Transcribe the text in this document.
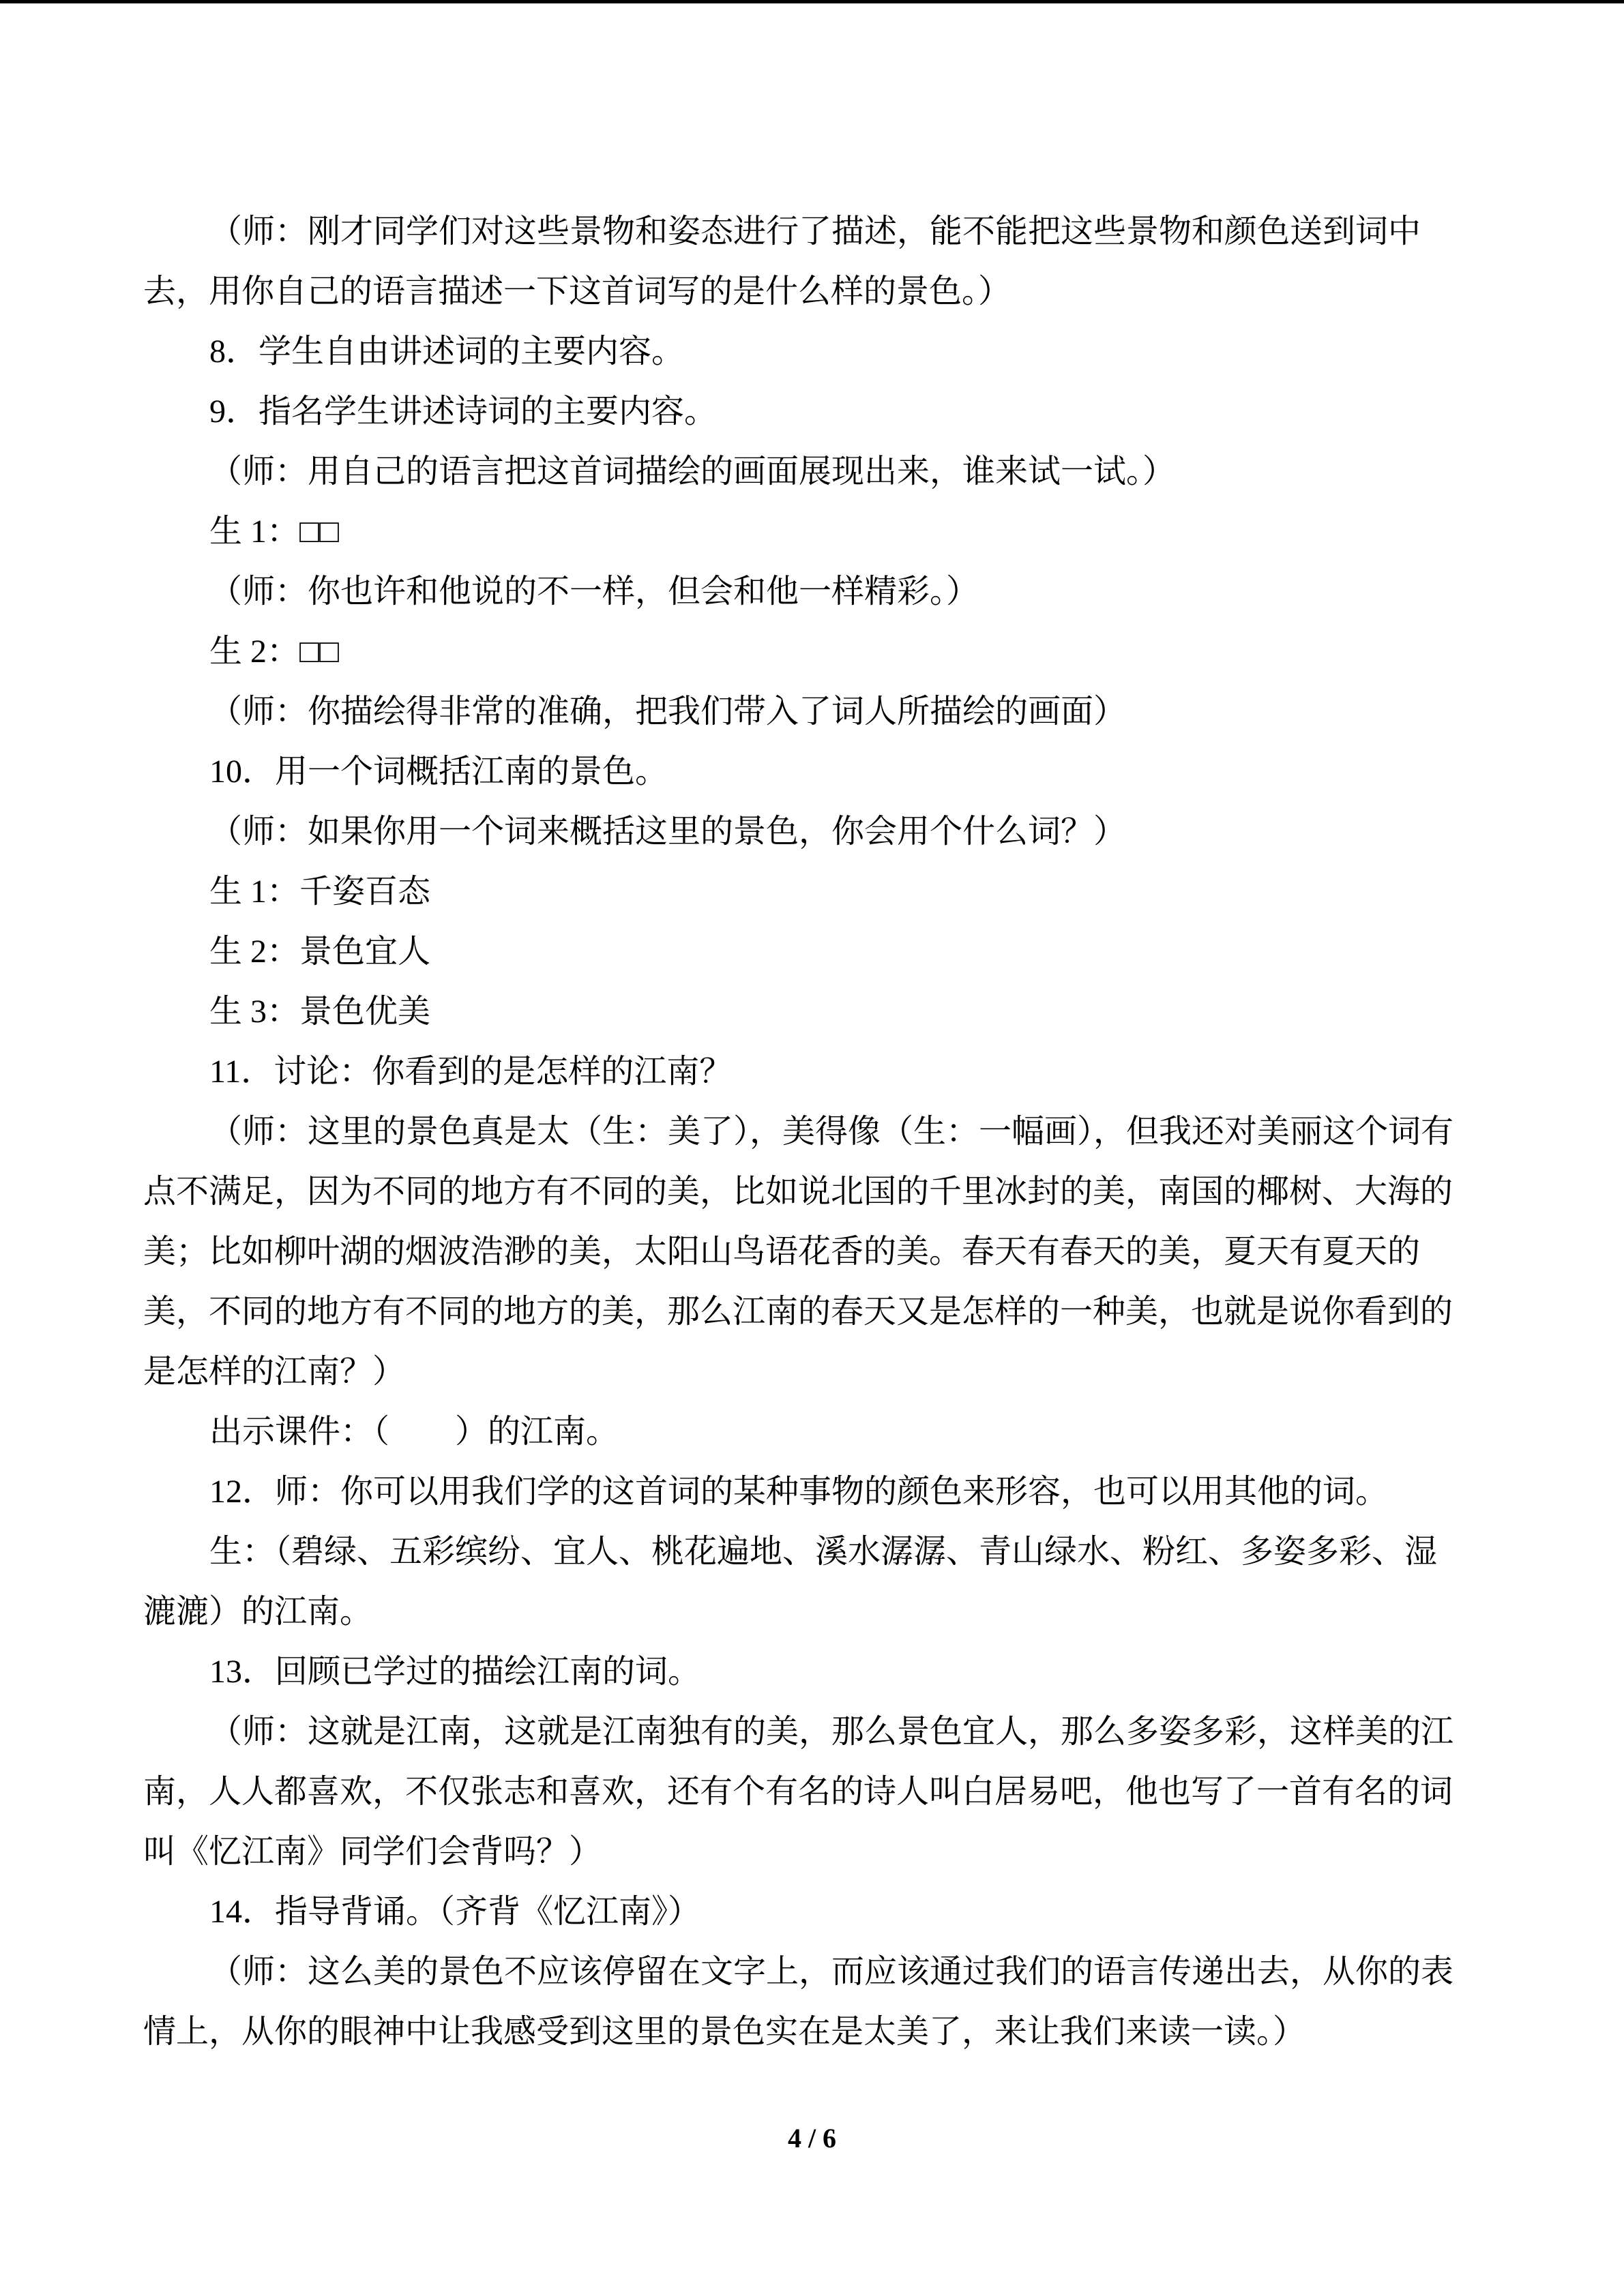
（师：刚才同学们对这些景物和姿态进行了描述，能不能把这些景物和颜色送到词中
去，用你自己的语言描述一下这首词写的是什么样的景色。）
8．学生自由讲述词的主要内容。
9．指名学生讲述诗词的主要内容。
（师：用自己的语言把这首词描绘的画面展现出来，谁来试一试。）
生 1：□□
（师：你也许和他说的不一样，但会和他一样精彩。）
生 2：□□
（师：你描绘得非常的准确，把我们带入了词人所描绘的画面）
10．用一个词概括江南的景色。
（师：如果你用一个词来概括这里的景色，你会用个什么词？）
生 1：千姿百态
生 2：景色宜人
生 3：景色优美
11．讨论：你看到的是怎样的江南？
（师：这里的景色真是太（生：美了），美得像（生：一幅画），但我还对美丽这个词有
点不满足，因为不同的地方有不同的美，比如说北国的千里冰封的美，南国的椰树、大海的
美；比如柳叶湖的烟波浩渺的美，太阳山鸟语花香的美。春天有春天的美，夏天有夏天的
美，不同的地方有不同的地方的美，那么江南的春天又是怎样的一种美，也就是说你看到的
是怎样的江南？）
出示课件：（　　）的江南。
12．师：你可以用我们学的这首词的某种事物的颜色来形容，也可以用其他的词。
生：（碧绿、五彩缤纷、宜人、桃花遍地、溪水潺潺、青山绿水、粉红、多姿多彩、湿
漉漉）的江南。
13．回顾已学过的描绘江南的词。
（师：这就是江南，这就是江南独有的美，那么景色宜人，那么多姿多彩，这样美的江
南，人人都喜欢，不仅张志和喜欢，还有个有名的诗人叫白居易吧，他也写了一首有名的词
叫《忆江南》同学们会背吗？）
14．指导背诵。（齐背《忆江南》）
（师：这么美的景色不应该停留在文字上，而应该通过我们的语言传递出去，从你的表
情上，从你的眼神中让我感受到这里的景色实在是太美了，来让我们来读一读。）
4 / 6
